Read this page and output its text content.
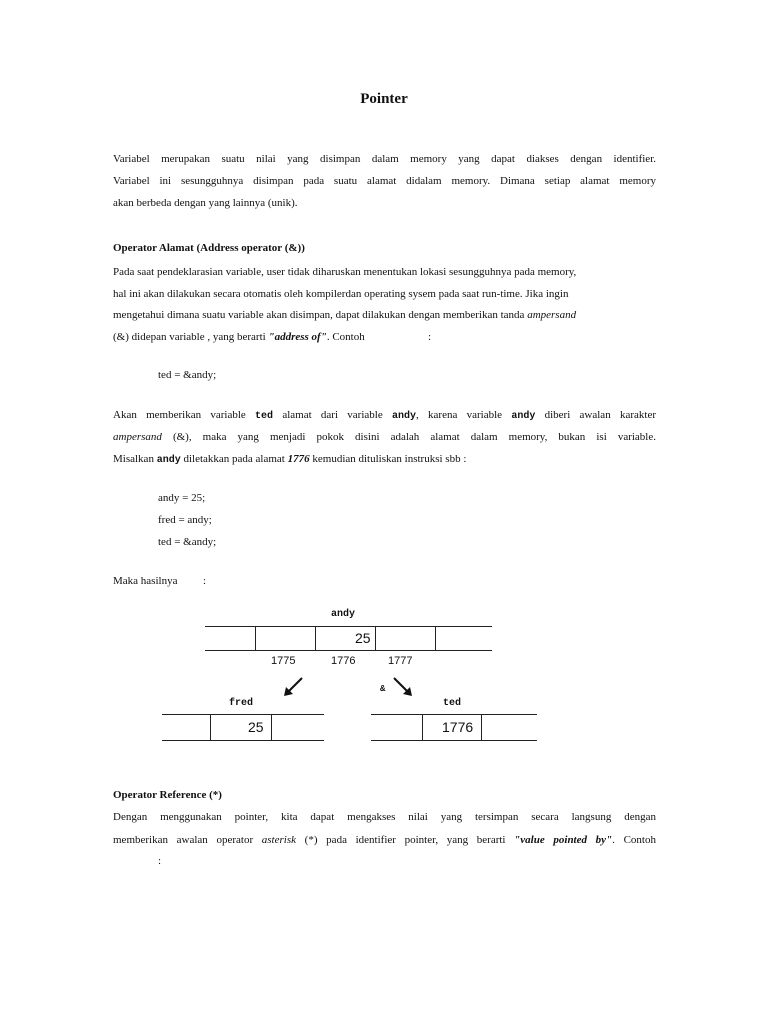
Pointer
Variabel merupakan suatu nilai yang disimpan dalam memory yang dapat diakses dengan identifier.
Variabel ini sesungguhnya disimpan pada suatu alamat didalam memory. Dimana setiap alamat memory
akan berbeda dengan yang lainnya (unik).
Operator Alamat (Address operator (&))
Pada saat pendeklarasian variable, user tidak diharuskan menentukan lokasi sesungguhnya pada memory,
hal ini akan dilakukan secara otomatis oleh kompilerdan operating sysem pada saat run-time. Jika ingin
mengetahui dimana suatu variable akan disimpan, dapat dilakukan dengan memberikan tanda ampersand
(&) didepan variable , yang berarti "address of". Contoh	:
ted = &andy;
Akan memberikan variable ted alamat dari variable andy, karena variable andy diberi awalan karakter
ampersand (&), maka yang menjadi pokok disini adalah alamat dalam memory, bukan isi variable.
Misalkan andy diletakkan pada alamat 1776 kemudian dituliskan instruksi sbb :
andy = 25;
fred = andy;
ted = &andy;
Maka hasilnya :
andy
25
1775	1776	1777
&
fred
25
ted
1776
Operator Reference (*)
Dengan menggunakan pointer, kita dapat mengakses nilai yang tersimpan secara langsung dengan
memberikan awalan operator asterisk (*) pada identifier pointer, yang berarti "value pointed by". Contoh
:
